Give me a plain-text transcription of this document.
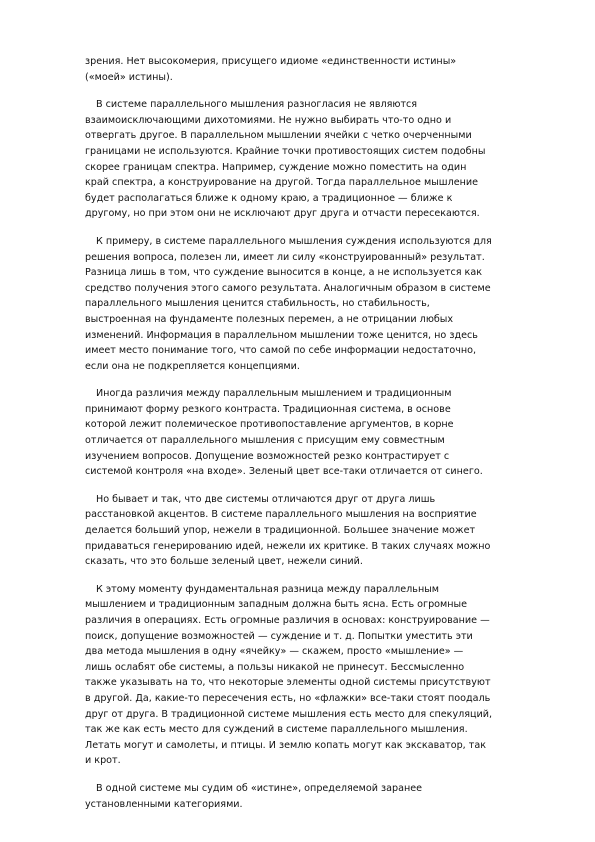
зрения. Нет высокомерия, присущего идиоме «единственности истины»
(«моей» истины).

В системе параллельного мышления разногласия не являются
взаимоисключающими дихотомиями. Не нужно выбирать что-то одно и
отвергать другое. В параллельном мышлении ячейки с четко очерченными
границами не используются. Крайние точки противостоящих систем подобны
скорее границам спектра. Например, суждение можно поместить на один
край спектра, а конструирование на другой. Тогда параллельное мышление
будет располагаться ближе к одному краю, а традиционное — ближе к
другому, но при этом они не исключают друг друга и отчасти пересекаются.

К примеру, в системе параллельного мышления суждения используются для
решения вопроса, полезен ли, имеет ли силу «конструированный» результат.
Разница лишь в том, что суждение выносится в конце, а не используется как
средство получения этого самого результата. Аналогичным образом в системе
параллельного мышления ценится стабильность, но стабильность,
выстроенная на фундаменте полезных перемен, а не отрицании любых
изменений. Информация в параллельном мышлении тоже ценится, но здесь
имеет место понимание того, что самой по себе информации недостаточно,
если она не подкрепляется концепциями.

Иногда различия между параллельным мышлением и традиционным
принимают форму резкого контраста. Традиционная система, в основе
которой лежит полемическое противопоставление аргументов, в корне
отличается от параллельного мышления с присущим ему совместным
изучением вопросов. Допущение возможностей резко контрастирует с
системой контроля «на входе». Зеленый цвет все-таки отличается от синего.

Но бывает и так, что две системы отличаются друг от друга лишь
расстановкой акцентов. В системе параллельного мышления на восприятие
делается больший упор, нежели в традиционной. Большее значение может
придаваться генерированию идей, нежели их критике. В таких случаях можно
сказать, что это больше зеленый цвет, нежели синий.

К этому моменту фундаментальная разница между параллельным
мышлением и традиционным западным должна быть ясна. Есть огромные
различия в операциях. Есть огромные различия в основах: конструирование —
поиск, допущение возможностей — суждение и т. д. Попытки уместить эти
два метода мышления в одну «ячейку» — скажем, просто «мышление» —
лишь ослабят обе системы, а пользы никакой не принесут. Бессмысленно
также указывать на то, что некоторые элементы одной системы присутствуют
в другой. Да, какие-то пересечения есть, но «флажки» все-таки стоят поодаль
друг от друга. В традиционной системе мышления есть место для спекуляций,
так же как есть место для суждений в системе параллельного мышления.
Летать могут и самолеты, и птицы. И землю копать могут как экскаватор, так
и крот.

В одной системе мы судим об «истине», определяемой заранее
установленными категориями.
